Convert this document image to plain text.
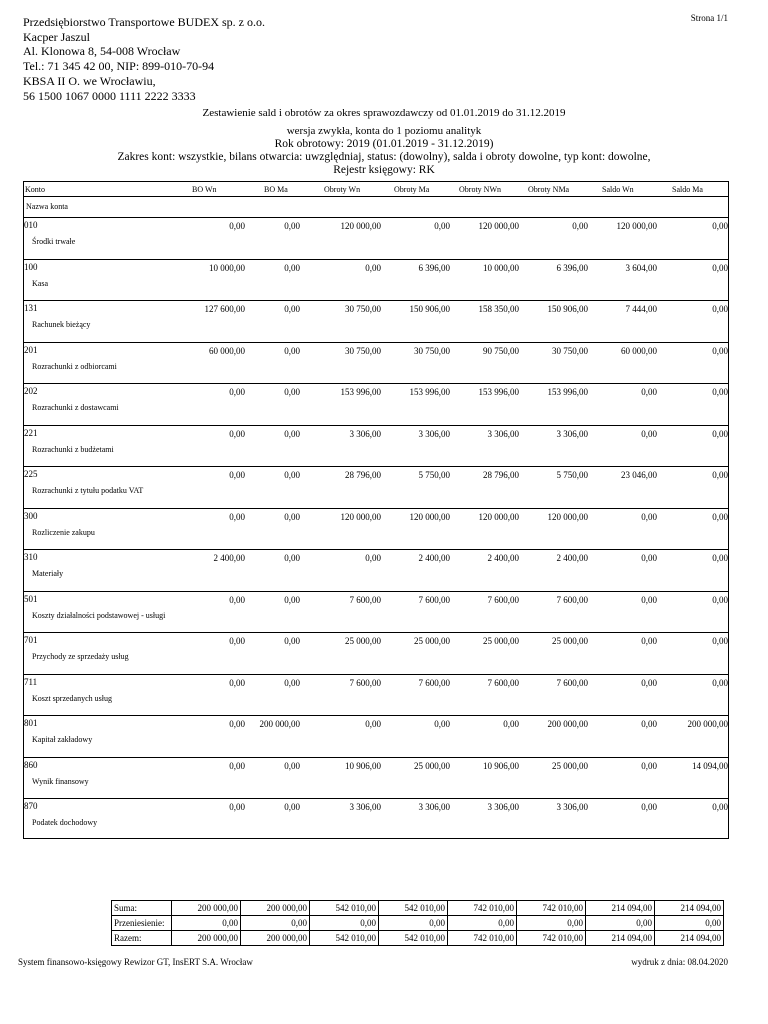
Przedsiębiorstwo Transportowe BUDEX sp. z o.o.
Kacper Jaszul
Al. Klonowa 8, 54-008 Wrocław
Tel.: 71 345 42 00, NIP: 899-010-70-94
KBSA II O. we Wrocławiu,
56 1500 1067 0000 1111 2222 3333
Strona 1/1
Zestawienie sald i obrotów za okres sprawozdawczy od 01.01.2019 do 31.12.2019
wersja zwykła, konta do 1 poziomu analityk
Rok obrotowy: 2019 (01.01.2019 - 31.12.2019)
Zakres kont: wszystkie, bilans otwarcia: uwzględniaj, status: (dowolny), salda i obroty dowolne, typ kont: dowolne,
Rejestr księgowy: RK
Konto	BO Wn	BO Ma	Obroty Wn	Obroty Ma	Obroty NWn	Obroty NMa	Saldo Wn	Saldo Ma
Nazwa konta
010
Środki trwałe
0,00	0,00	120 000,00	0,00	120 000,00	0,00	120 000,00	0,00
100
Kasa
10 000,00	0,00	0,00	6 396,00	10 000,00	6 396,00	3 604,00	0,00
131
Rachunek bieżący
127 600,00	0,00	30 750,00	150 906,00	158 350,00	150 906,00	7 444,00	0,00
201
Rozrachunki z odbiorcami
60 000,00	0,00	30 750,00	30 750,00	90 750,00	30 750,00	60 000,00	0,00
202
Rozrachunki z dostawcami
0,00	0,00	153 996,00	153 996,00	153 996,00	153 996,00	0,00	0,00
221
Rozrachunki z budżetami
0,00	0,00	3 306,00	3 306,00	3 306,00	3 306,00	0,00	0,00
225
Rozrachunki z tytułu podatku VAT
0,00	0,00	28 796,00	5 750,00	28 796,00	5 750,00	23 046,00	0,00
300
Rozliczenie zakupu
0,00	0,00	120 000,00	120 000,00	120 000,00	120 000,00	0,00	0,00
310
Materiały
2 400,00	0,00	0,00	2 400,00	2 400,00	2 400,00	0,00	0,00
501
Koszty działalności podstawowej - usługi
0,00	0,00	7 600,00	7 600,00	7 600,00	7 600,00	0,00	0,00
701
Przychody ze sprzedaży usług
0,00	0,00	25 000,00	25 000,00	25 000,00	25 000,00	0,00	0,00
711
Koszt sprzedanych usług
0,00	0,00	7 600,00	7 600,00	7 600,00	7 600,00	0,00	0,00
801
Kapitał zakładowy
0,00	200 000,00	0,00	0,00	0,00	200 000,00	0,00	200 000,00
860
Wynik finansowy
0,00	0,00	10 906,00	25 000,00	10 906,00	25 000,00	0,00	14 094,00
870
Podatek dochodowy
0,00	0,00	3 306,00	3 306,00	3 306,00	3 306,00	0,00	0,00
Suma:	200 000,00	200 000,00	542 010,00	542 010,00	742 010,00	742 010,00	214 094,00	214 094,00
Przeniesienie:	0,00	0,00	0,00	0,00	0,00	0,00	0,00	0,00
Razem:	200 000,00	200 000,00	542 010,00	542 010,00	742 010,00	742 010,00	214 094,00	214 094,00
System finansowo-księgowy Rewizor GT, InsERT S.A. Wrocław	wydruk z dnia: 08.04.2020
